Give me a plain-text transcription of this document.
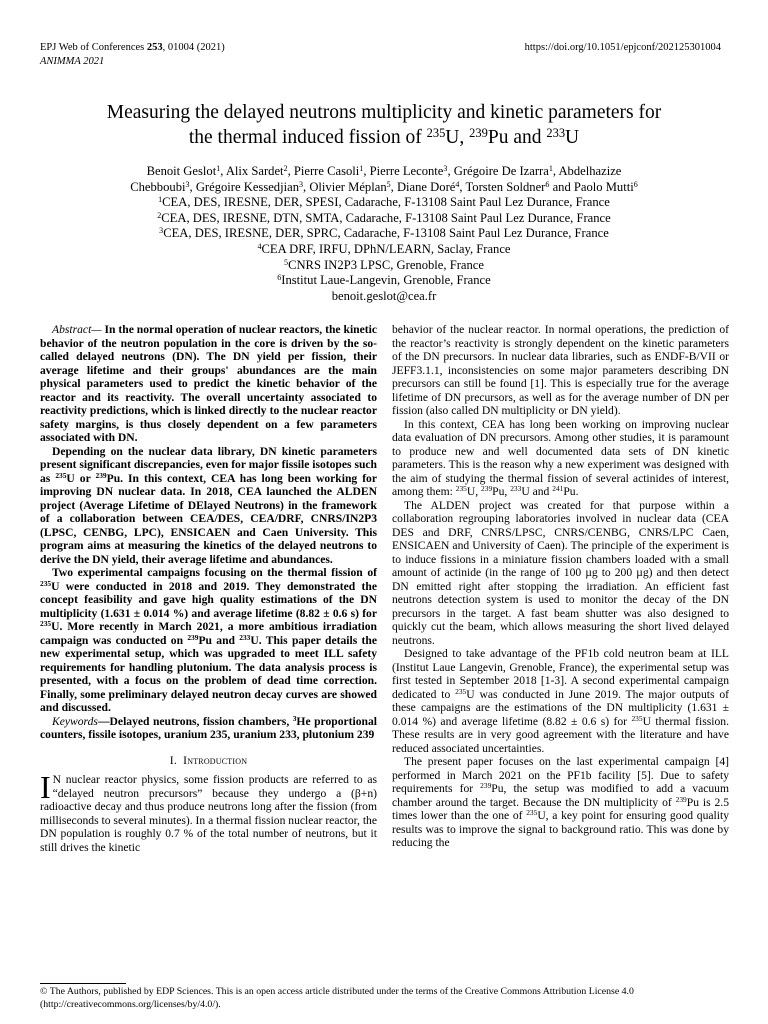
EPJ Web of Conferences 253, 01004 (2021)
ANIMMA 2021
https://doi.org/10.1051/epjconf/202125301004
Measuring the delayed neutrons multiplicity and kinetic parameters for
the thermal induced fission of $^{235}$U, $^{239}$Pu and $^{233}$U
Benoit Geslot$^1$, Alix Sardet$^2$, Pierre Casoli$^1$, Pierre Leconte$^3$, Grégoire De Izarra$^1$, Abdelhazize
Chebboubi$^3$, Grégoire Kessedjian$^3$, Olivier Méplan$^5$, Diane Doré$^4$, Torsten Soldner$^6$ and Paolo Mutti$^6$
$^1$CEA, DES, IRESNE, DER, SPESI, Cadarache, F-13108 Saint Paul Lez Durance, France
$^2$CEA, DES, IRESNE, DTN, SMTA, Cadarache, F-13108 Saint Paul Lez Durance, France
$^3$CEA, DES, IRESNE, DER, SPRC, Cadarache, F-13108 Saint Paul Lez Durance, France
$^4$CEA DRF, IRFU, DPhN/LEARN, Saclay, France
$^5$CNRS IN2P3 LPSC, Grenoble, France
$^6$Institut Laue-Langevin, Grenoble, France
benoit.geslot@cea.fr

Abstract— In the normal operation of nuclear reactors, the kinetic behavior of the neutron population in the core is driven by the so-called delayed neutrons (DN). The DN yield per fission, their average lifetime and their groups' abundances are the main physical parameters used to predict the kinetic behavior of the reactor and its reactivity. The overall uncertainty associated to reactivity predictions, which is linked directly to the nuclear reactor safety margins, is thus closely dependent on a few parameters associated with DN.

Depending on the nuclear data library, DN kinetic parameters present significant discrepancies, even for major fissile isotopes such as $^{235}$U or $^{239}$Pu. In this context, CEA has long been working for improving DN nuclear data. In 2018, CEA launched the ALDEN project (Average Lifetime of DElayed Neutrons) in the framework of a collaboration between CEA/DES, CEA/DRF, CNRS/IN2P3 (LPSC, CENBG, LPC), ENSICAEN and Caen University. This program aims at measuring the kinetics of the delayed neutrons to derive the DN yield, their average lifetime and abundances.

Two experimental campaigns focusing on the thermal fission of $^{235}$U were conducted in 2018 and 2019. They demonstrated the concept feasibility and gave high quality estimations of the DN multiplicity (1.631 ± 0.014 %) and average lifetime (8.82 ± 0.6 s) for $^{235}$U. More recently in March 2021, a more ambitious irradiation campaign was conducted on $^{239}$Pu and $^{233}$U. This paper details the new experimental setup, which was upgraded to meet ILL safety requirements for handling plutonium. The data analysis process is presented, with a focus on the problem of dead time correction. Finally, some preliminary delayed neutron decay curves are showed and discussed.

Keywords—Delayed neutrons, fission chambers, $^3$He proportional counters, fissile isotopes, uranium 235, uranium 233, plutonium 239

I. Introduction

I N nuclear reactor physics, some fission products are referred to as “delayed neutron precursors” because they undergo a (β+n) radioactive decay and thus produce neutrons long after the fission (from milliseconds to several minutes). In a thermal fission nuclear reactor, the DN population is roughly 0.7 % of the total number of neutrons, but it still drives the kinetic

behavior of the nuclear reactor. In normal operations, the prediction of the reactor’s reactivity is strongly dependent on the kinetic parameters of the DN precursors. In nuclear data libraries, such as ENDF-B/VII or JEFF3.1.1, inconsistencies on some major parameters describing DN precursors can still be found [1]. This is especially true for the average lifetime of DN precursors, as well as for the average number of DN per fission (also called DN multiplicity or DN yield).

In this context, CEA has long been working on improving nuclear data evaluation of DN precursors. Among other studies, it is paramount to produce new and well documented data sets of DN kinetic parameters. This is the reason why a new experiment was designed with the aim of studying the thermal fission of several actinides of interest, among them: $^{235}$U, $^{239}$Pu, $^{233}$U and $^{241}$Pu.

The ALDEN project was created for that purpose within a collaboration regrouping laboratories involved in nuclear data (CEA DES and DRF, CNRS/LPSC, CNRS/CENBG, CNRS/LPC Caen, ENSICAEN and University of Caen). The principle of the experiment is to induce fissions in a miniature fission chambers loaded with a small amount of actinide (in the range of 100 µg to 200 µg) and then detect DN emitted right after stopping the irradiation. An efficient fast neutrons detection system is used to monitor the decay of the DN precursors in the target. A fast beam shutter was also designed to quickly cut the beam, which allows measuring the short lived delayed neutrons.

Designed to take advantage of the PF1b cold neutron beam at ILL (Institut Laue Langevin, Grenoble, France), the experimental setup was first tested in September 2018 [1-3]. A second experimental campaign dedicated to $^{235}$U was conducted in June 2019. The major outputs of these campaigns are the estimations of the DN multiplicity (1.631 ± 0.014 %) and average lifetime (8.82 ± 0.6 s) for $^{235}$U thermal fission. These results are in very good agreement with the literature and have reduced associated uncertainties.

The present paper focuses on the last experimental campaign [4] performed in March 2021 on the PF1b facility [5]. Due to safety requirements for $^{239}$Pu, the setup was modified to add a vacuum chamber around the target. Because the DN multiplicity of $^{239}$Pu is 2.5 times lower than the one of $^{235}$U, a key point for ensuring good quality results was to improve the signal to background ratio. This was done by reducing the

© The Authors, published by EDP Sciences. This is an open access article distributed under the terms of the Creative Commons Attribution License 4.0
(http://creativecommons.org/licenses/by/4.0/).
